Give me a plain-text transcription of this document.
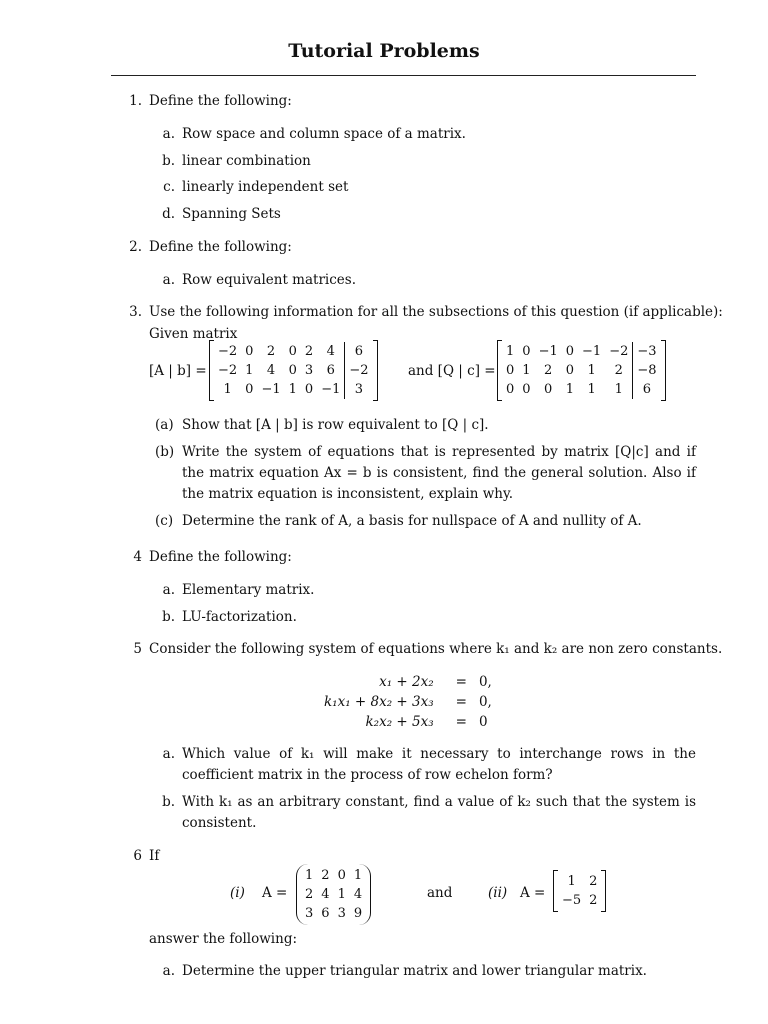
Tutorial Problems
1. Define the following:
a. Row space and column space of a matrix.
b. linear combination
c. linearly independent set
d. Spanning Sets
2. Define the following:
a. Row equivalent matrices.
3. Use the following information for all the subsections of this question (if applicable):
Given matrix
[A | b] =
−2	0	2	0	2	4	6
−2	1	4	0	3	6	−2
1	0	−1	1	0	−1	3
and [Q | c] =
1	0	−1	0	−1	−2	−3
0	1	2	0	1	2	−8
0	0	0	1	1	1	6
(a) Show that [A | b] is row equivalent to [Q | c].
(b) Write the system of equations that is represented by matrix [Q|c] and if the matrix equation Ax = b is consistent, find the general solution. Also if the matrix equation is inconsistent, explain why.
(c) Determine the rank of A, a basis for nullspace of A and nullity of A.
4 Define the following:
a. Elementary matrix.
b. LU-factorization.
5 Consider the following system of equations where k₁ and k₂ are non zero constants.
x₁ + 2x₂	=	0,
k₁x₁ + 8x₂ + 3x₃	=	0,
k₂x₂ + 5x₃	=	0
a. Which value of k₁ will make it necessary to interchange rows in the coefficient matrix in the process of row echelon form?
b. With k₁ as an arbitrary constant, find a value of k₂ such that the system is consistent.
6 If
(i) A =
1	2	0	1
2	4	1	4
3	6	3	9
and	(ii) A =
1	2
−5	2
answer the following:
a. Determine the upper triangular matrix and lower triangular matrix.
